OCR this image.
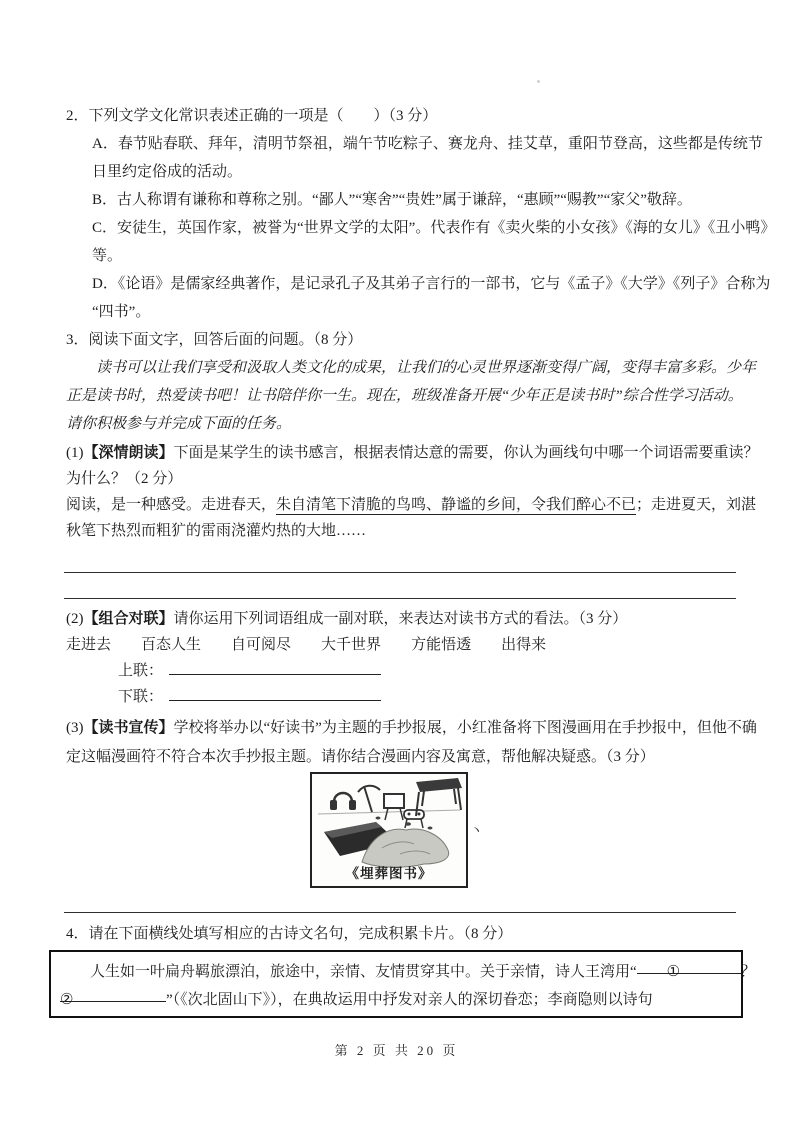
2．下列文学文化常识表述正确的一项是（　　）（3 分）
A．春节贴春联、拜年，清明节祭祖，端午节吃粽子、赛龙舟、挂艾草，重阳节登高，这些都是传统节
日里约定俗成的活动。
B．古人称谓有谦称和尊称之别。“鄙人”“寒舍”“贵姓”属于谦辞，“惠顾”“赐教”“家父”敬辞。
C．安徒生，英国作家，被誉为“世界文学的太阳”。代表作有《卖火柴的小女孩》《海的女儿》《丑小鸭》
等。
D．《论语》是儒家经典著作，是记录孔子及其弟子言行的一部书，它与《孟子》《大学》《列子》合称为
“四书”。
3．阅读下面文字，回答后面的问题。（8 分）
读书可以让我们享受和汲取人类文化的成果，让我们的心灵世界逐渐变得广阔，变得丰富多彩。少年
正是读书时，热爱读书吧！让书陪伴你一生。现在，班级准备开展“少年正是读书时”综合性学习活动。
请你积极参与并完成下面的任务。
(1)【深情朗读】下面是某学生的读书感言，根据表情达意的需要，你认为画线句中哪一个词语需要重读？
为什么？（2 分）
阅读，是一种感受。走进春天，朱自清笔下清脆的鸟鸣、静谧的乡间，令我们醉心不已；走进夏天，刘湛
秋笔下热烈而粗犷的雷雨浇灌灼热的大地……
(2)【组合对联】请你运用下列词语组成一副对联，来表达对读书方式的看法。（3 分）
走进去 百态人生 自可阅尽 大千世界 方能悟透 出得来
上联：
下联：
(3)【读书宣传】学校将举办以“好读书”为主题的手抄报展，小红准备将下图漫画用在手抄报中，但他不确
定这幅漫画符不符合本次手抄报主题。请你结合漫画内容及寓意，帮他解决疑惑。（3 分）
《埋葬图书》
丶
4．请在下面横线处填写相应的古诗文名句，完成积累卡片。（8 分）
人生如一叶扁舟羁旅漂泊，旅途中，亲情、友情贯穿其中。关于亲情，诗人王湾用“ ①	？
②	”（《次北固山下》），在典故运用中抒发对亲人的深切眷恋；李商隐则以诗句
第 2 页 共 20 页
